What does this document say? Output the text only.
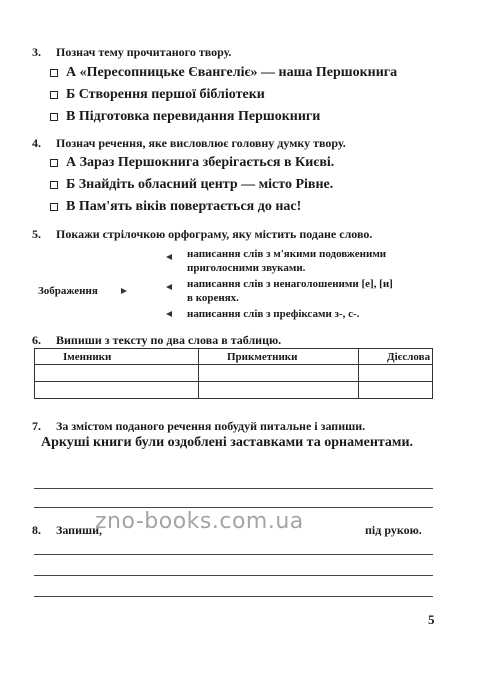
3. Познач тему прочитаного твору.
А «Пересопницьке Євангеліє» — наша Першокнига
Б Створення першої бібліотеки
В Підготовка перевидання Першокниги
4. Познач речення, яке висловлює головну думку твору.
А Зараз Першокнига зберігається в Києві.
Б Знайдіть обласний центр — місто Рівне.
В Пам'ять віків повертається до нас!
5. Покажи стрілочкою орфограму, яку містить подане слово.
Зображення
написання слів з м'якими подовженими
приголосними звуками.
написання слів з ненаголошеними [е], [и]
в коренях.
написання слів з префіксами з-, с-.
6. Випиши з тексту по два слова в таблицю.
Іменники	Прикметники	Дієслова

7. За змістом поданого речення побудуй питальне і запиши.
Аркуші книги були оздоблені заставками та орнаментами.
8. Запиши,	під рукою.
zno-books.com.ua
5
